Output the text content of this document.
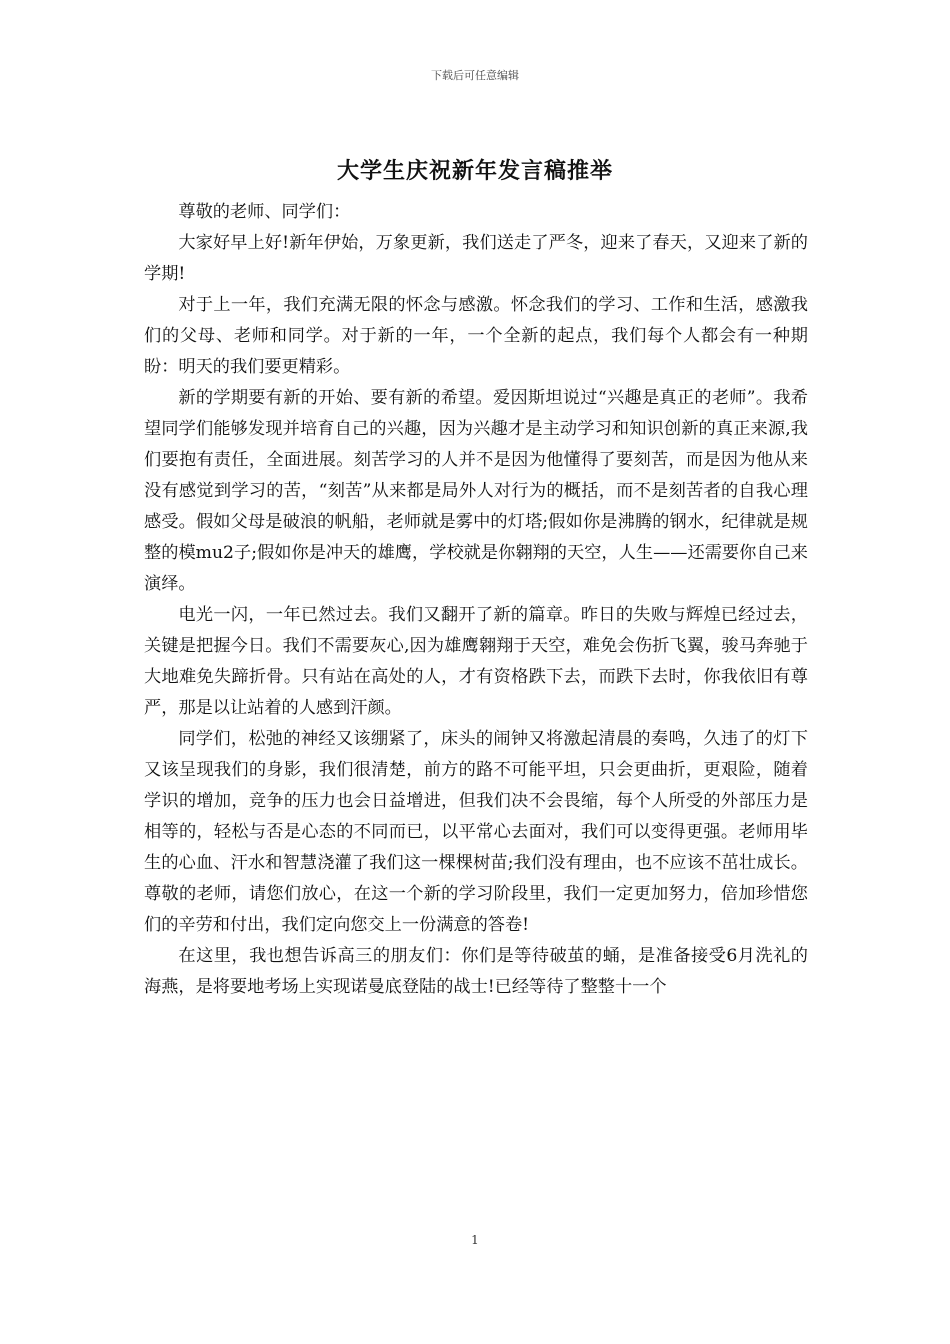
下载后可任意编辑
大学生庆祝新年发言稿推举

尊敬的老师、同学们：

大家好早上好!新年伊始，万象更新，我们送走了严冬，迎来了春天，又迎来了新的学期!

对于上一年，我们充满无限的怀念与感激。怀念我们的学习、工作和生活，感激我们的父母、老师和同学。对于新的一年，一个全新的起点，我们每个人都会有一种期盼：明天的我们要更精彩。

新的学期要有新的开始、要有新的希望。爱因斯坦说过“兴趣是真正的老师”。我希望同学们能够发现并培育自己的兴趣，因为兴趣才是主动学习和知识创新的真正来源,我们要抱有责任，全面进展。刻苦学习的人并不是因为他懂得了要刻苦，而是因为他从来没有感觉到学习的苦，“刻苦”从来都是局外人对行为的概括，而不是刻苦者的自我心理感受。假如父母是破浪的帆船，老师就是雾中的灯塔;假如你是沸腾的钢水，纪律就是规整的模mu2子;假如你是冲天的雄鹰，学校就是你翱翔的天空，人生——还需要你自己来演绎。

电光一闪，一年已然过去。我们又翻开了新的篇章。昨日的失败与辉煌已经过去，关键是把握今日。我们不需要灰心,因为雄鹰翱翔于天空，难免会伤折飞翼，骏马奔驰于大地难免失蹄折骨。只有站在高处的人，才有资格跌下去，而跌下去时，你我依旧有尊严，那是以让站着的人感到汗颜。

同学们，松弛的神经又该绷紧了，床头的闹钟又将激起清晨的奏鸣，久违了的灯下又该呈现我们的身影，我们很清楚，前方的路不可能平坦，只会更曲折，更艰险，随着学识的增加，竞争的压力也会日益增进，但我们决不会畏缩，每个人所受的外部压力是相等的，轻松与否是心态的不同而已，以平常心去面对，我们可以变得更强。老师用毕生的心血、汗水和智慧浇灌了我们这一棵棵树苗;我们没有理由，也不应该不茁壮成长。尊敬的老师，请您们放心，在这一个新的学习阶段里，我们一定更加努力，倍加珍惜您们的辛劳和付出，我们定向您交上一份满意的答卷!

在这里，我也想告诉高三的朋友们：你们是等待破茧的蛹，是准备接受6月洗礼的海燕，是将要地考场上实现诺曼底登陆的战士!已经等待了整整十一个

1
